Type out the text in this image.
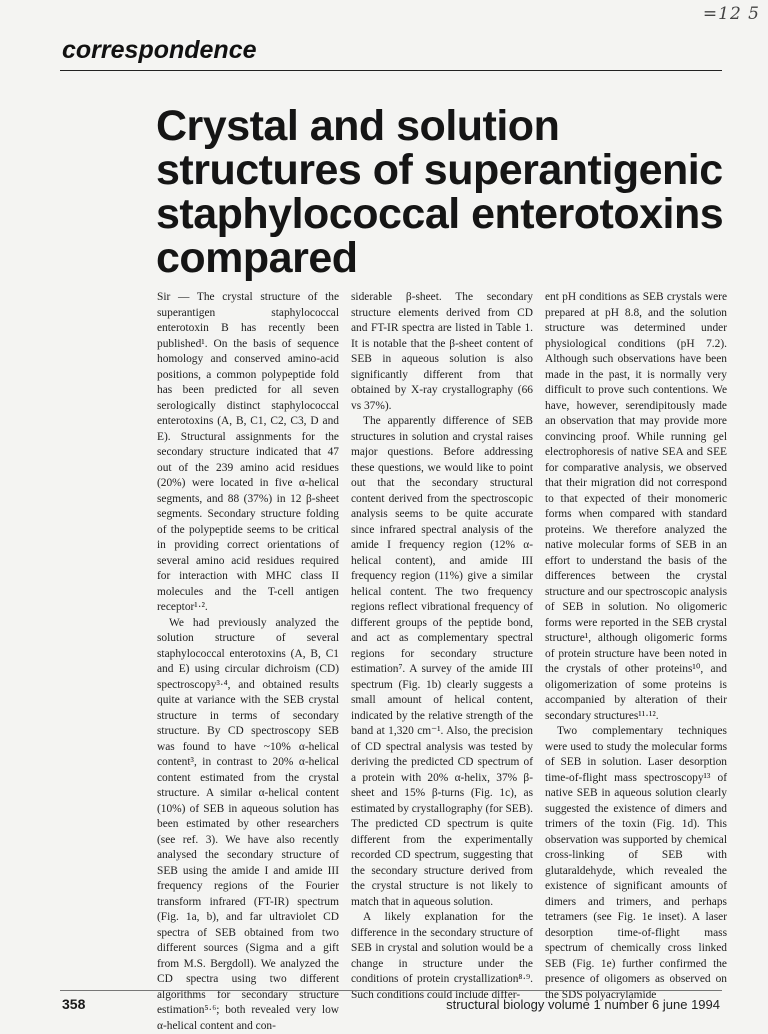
=12 5
correspondence
Crystal and solution structures of superantigenic staphylococcal enterotoxins compared

Sir — The crystal structure of the superantigen staphylococcal enterotoxin B has recently been published¹. On the basis of sequence homology and conserved amino-acid positions, a common polypeptide fold has been predicted for all seven serologically distinct staphylococcal enterotoxins (A, B, C1, C2, C3, D and E). Structural assignments for the secondary structure indicated that 47 out of the 239 amino acid residues (20%) were located in five α-helical segments, and 88 (37%) in 12 β-sheet segments. Secondary structure folding of the polypeptide seems to be critical in providing correct orientations of several amino acid residues required for interaction with MHC class II molecules and the T-cell antigen receptor¹·².

We had previously analyzed the solution structure of several staphylococcal enterotoxins (A, B, C1 and E) using circular dichroism (CD) spectroscopy³·⁴, and obtained results quite at variance with the SEB crystal structure in terms of secondary structure. By CD spectroscopy SEB was found to have ~10% α-helical content³, in contrast to 20% α-helical content estimated from the crystal structure. A similar α-helical content (10%) of SEB in aqueous solution has been estimated by other researchers (see ref. 3). We have also recently analysed the secondary structure of SEB using the amide I and amide III frequency regions of the Fourier transform infrared (FT-IR) spectrum (Fig. 1a, b), and far ultraviolet CD spectra of SEB obtained from two different sources (Sigma and a gift from M.S. Bergdoll). We analyzed the CD spectra using two different algorithms for secondary structure estimation⁵·⁶; both revealed very low α-helical content and con-

siderable β-sheet. The secondary structure elements derived from CD and FT-IR spectra are listed in Table 1. It is notable that the β-sheet content of SEB in aqueous solution is also significantly different from that obtained by X-ray crystallography (66 vs 37%).

The apparently difference of SEB structures in solution and crystal raises major questions. Before addressing these questions, we would like to point out that the secondary structural content derived from the spectroscopic analysis seems to be quite accurate since infrared spectral analysis of the amide I frequency region (12% α-helical content), and amide III frequency region (11%) give a similar helical content. The two frequency regions reflect vibrational frequency of different groups of the peptide bond, and act as complementary spectral regions for secondary structure estimation⁷. A survey of the amide III spectrum (Fig. 1b) clearly suggests a small amount of helical content, indicated by the relative strength of the band at 1,320 cm⁻¹. Also, the precision of CD spectral analysis was tested by deriving the predicted CD spectrum of a protein with 20% α-helix, 37% β-sheet and 15% β-turns (Fig. 1c), as estimated by crystallography (for SEB). The predicted CD spectrum is quite different from the experimentally recorded CD spectrum, suggesting that the secondary structure derived from the crystal structure is not likely to match that in aqueous solution.

A likely explanation for the difference in the secondary structure of SEB in crystal and solution would be a change in structure under the conditions of protein crystallization⁸·⁹. Such conditions could include differ-

ent pH conditions as SEB crystals were prepared at pH 8.8, and the solution structure was determined under physiological conditions (pH 7.2). Although such observations have been made in the past, it is normally very difficult to prove such contentions. We have, however, serendipitously made an observation that may provide more convincing proof. While running gel electrophoresis of native SEA and SEE for comparative analysis, we observed that their migration did not correspond to that expected of their monomeric forms when compared with standard proteins. We therefore analyzed the native molecular forms of SEB in an effort to understand the basis of the differences between the crystal structure and our spectroscopic analysis of SEB in solution. No oligomeric forms were reported in the SEB crystal structure¹, although oligomeric forms of protein structure have been noted in the crystals of other proteins¹⁰, and oligomerization of some proteins is accompanied by alteration of their secondary structures¹¹·¹².

Two complementary techniques were used to study the molecular forms of SEB in solution. Laser desorption time-of-flight mass spectroscopy¹³ of native SEB in aqueous solution clearly suggested the existence of dimers and trimers of the toxin (Fig. 1d). This observation was supported by chemical cross-linking of SEB with glutaraldehyde, which revealed the existence of significant amounts of dimers and trimers, and perhaps tetramers (see Fig. 1e inset). A laser desorption time-of-flight mass spectrum of chemically cross linked SEB (Fig. 1e) further confirmed the presence of oligomers as observed on the SDS polyacrylamide

358	structural biology volume 1 number 6 june 1994
